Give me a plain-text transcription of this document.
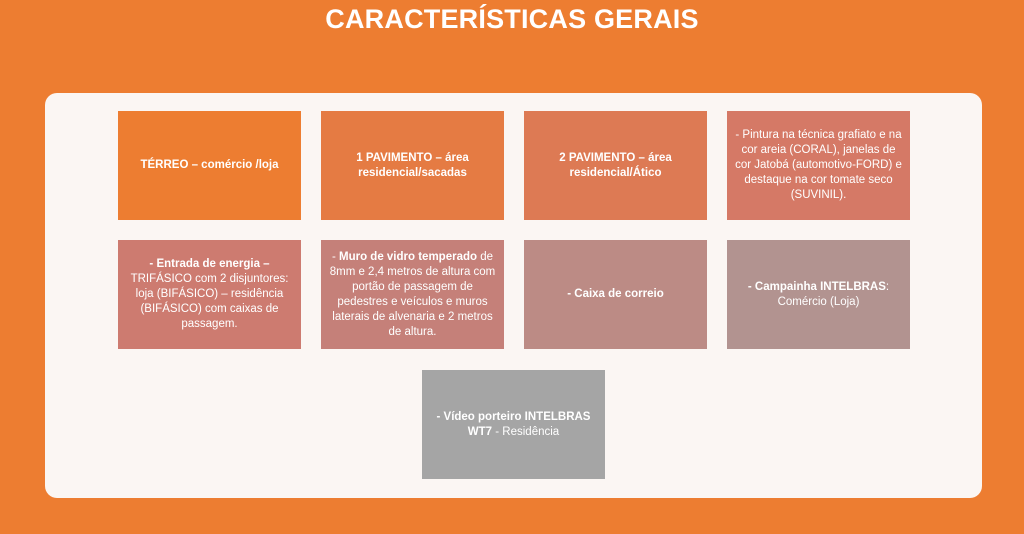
CARACTERÍSTICAS GERAIS
TÉRREO – comércio /loja
1 PAVIMENTO – área residencial/sacadas
2 PAVIMENTO – área residencial/Ático
- Pintura na técnica grafiato e na cor areia (CORAL), janelas de cor Jatobá (automotivo-FORD) e destaque na cor tomate seco (SUVINIL).
- Entrada de energia – TRIFÁSICO com 2 disjuntores: loja (BIFÁSICO) – residência (BIFÁSICO) com caixas de passagem.
- Muro de vidro temperado de 8mm e 2,4 metros de altura com portão de passagem de pedestres e veículos e muros laterais de alvenaria e 2 metros de altura.
- Caixa de correio
- Campainha INTELBRAS: Comércio (Loja)
- Vídeo porteiro INTELBRAS WT7 - Residência
